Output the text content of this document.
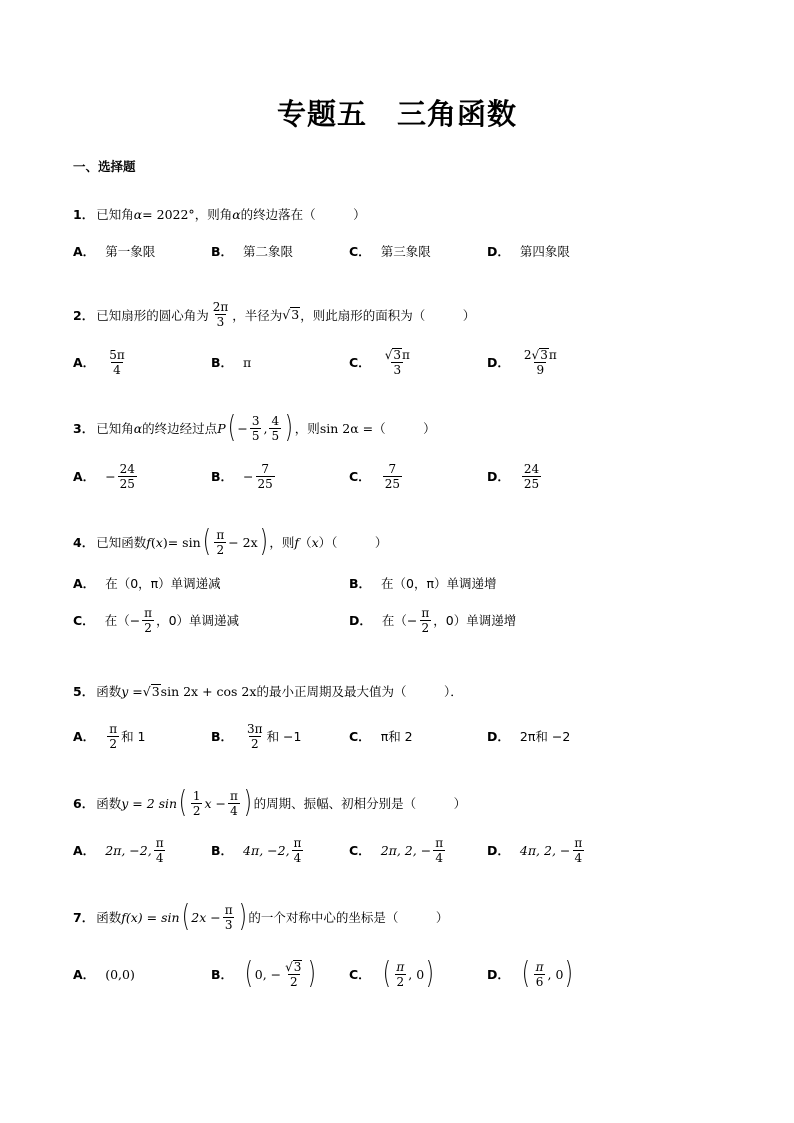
专题五 三角函数
一、选择题
1． 已知角 α = 2022° ，则角 α 的终边落在（　　　）
A． 第一象限	B． 第二象限	C． 第三象限	D． 第四象限
2． 已知扇形的圆心角为 $\frac{2\pi}{3}$ ，半径为 √ 3 ，则此扇形的面积为（　　　）
A． $\frac{5\pi}{4}$	B． π	C． $\frac{√ 3 \pi}{3}$	D． $\frac{2√ 3 \pi}{9}$
3． 已知角 α 的终边经过点 P ( − $\frac{3}{5}$ , $\frac{4}{5}$ ) ，则 sin 2α = （　　　）
A． − $\frac{24}{25}$	B． − $\frac{7}{25}$	C． $\frac{7}{25}$	D． $\frac{24}{25}$
4． 已知函数 f ( x ) = sin ( $\frac{\pi}{2} - 2x$ ) ，则 f （ x ）（　　　）
A． 在（0，π）单调递减	B． 在（0，π）单调递增
C． 在（− $\frac{\pi}{2}$ ，0）单调递减	D． 在（− $\frac{\pi}{2}$ ，0）单调递增
5． 函数 y = √ 3 sin 2x + cos 2x 的最小正周期及最大值为（　　　）．
A． $\frac{\pi}{2}$ 和 1	B． $\frac{3\pi}{2}$ 和 −1	C． π和 2	D． 2π和 −2
6． 函数 y = 2 sin ( $\frac{1}{2}$ $x - \frac{\pi}{4}$ ) 的周期、振幅、初相分别是（　　　）
A． 2π, −2, $\frac{\pi}{4}$	B． 4π, −2, $\frac{\pi}{4}$	C． 2π, 2, − $\frac{\pi}{4}$	D． 4π, 2, − $\frac{\pi}{4}$
7． 函数 f(x) = sin ( $2x - \frac{\pi}{3}$ ) 的一个对称中心的坐标是（　　　）
A． (0,0)	B． ( 0, − $\frac{√ 3}{2}$ )	C． ( $\frac{\pi}{2}$ , 0 )	D． ( $\frac{\pi}{6}$ , 0 )
